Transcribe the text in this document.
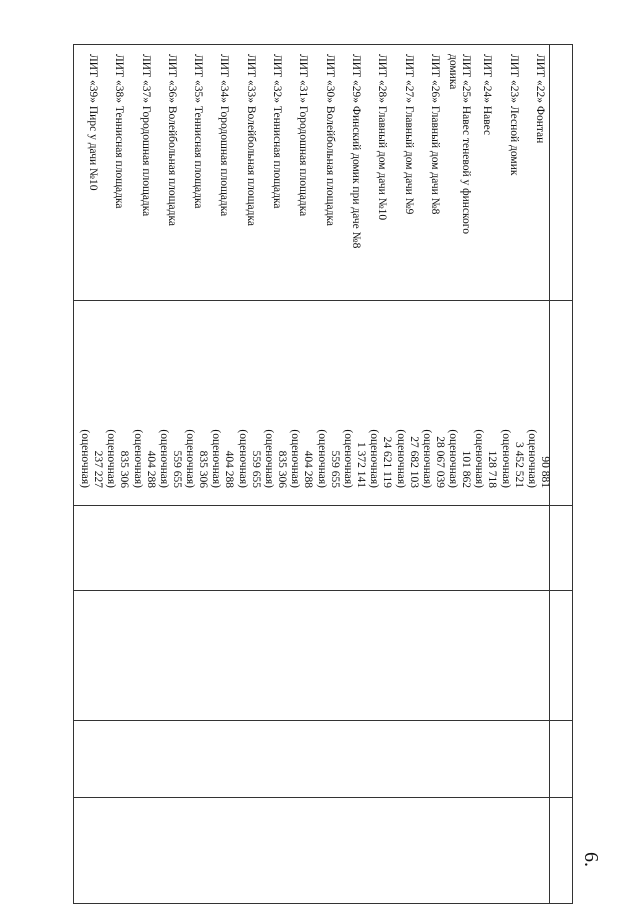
ЛИТ «22» Фонтан
90 881
(оценочная)
ЛИТ «23» Лесной домик
3 452 521
(оценочная)
ЛИТ «24» Навес
128 718
(оценочная)
ЛИТ «25» Навес теневой у финского
домика
101 862
(оценочная)
ЛИТ «26» Главный дом дачи №8
28 067 039
(оценочная)
ЛИТ «27» Главный дом дачи №9
27 682 103
(оценочная)
ЛИТ «28» Главный дом дачи №10
24 621 119
(оценочная)
ЛИТ «29» Финский домик при даче №8
1 372 141
(оценочная)
ЛИТ «30» Волейбольная площадка
559 655
(оценочная)
ЛИТ «31» Городошная площадка
404 288
(оценочная)
ЛИТ «32» Теннисная площадка
835 306
(оценочная)
ЛИТ «33» Волейбольная площадка
559 655
(оценочная)
ЛИТ «34» Городошная площадка
404 288
(оценочная)
ЛИТ «35» Теннисная площадка
835 306
(оценочная)
ЛИТ «36» Волейбольная площадка
559 655
(оценочная)
ЛИТ «37» Городошная площадка
404 288
(оценочная)
ЛИТ «38» Теннисная площадка
835 306
(оценочная)
ЛИТ «39» Пирс у дачи №10
237 227
(оценочная)
6.
